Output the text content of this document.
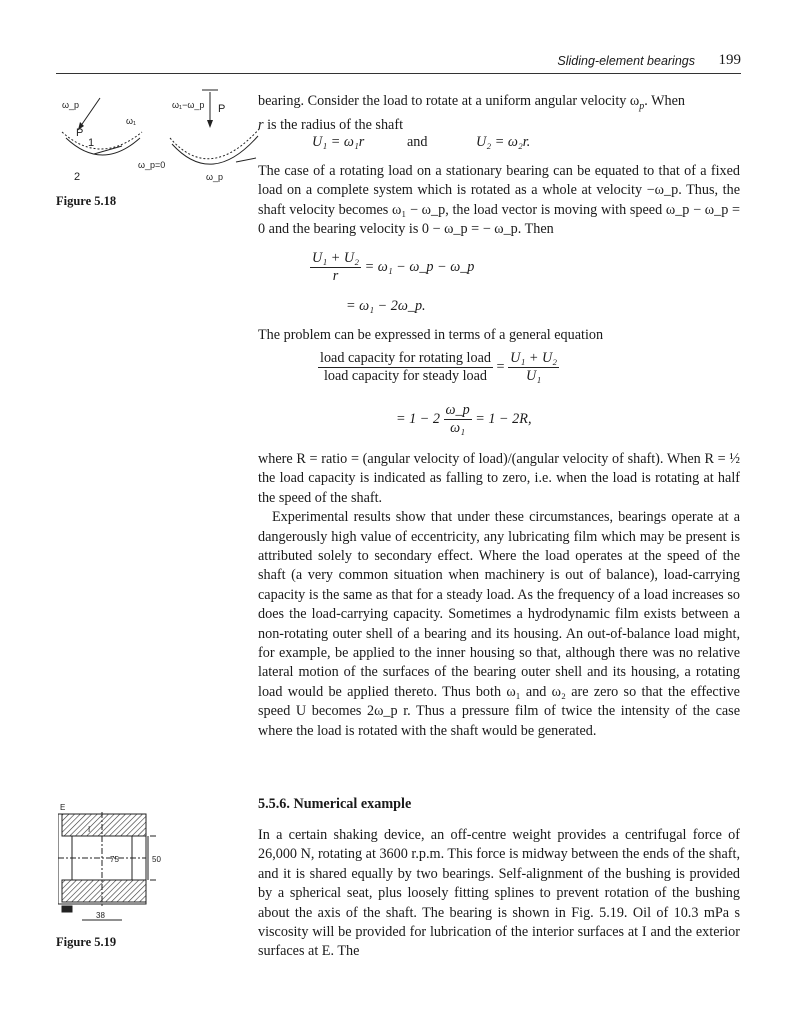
Sliding-element bearings 199
ω_p
P
1
ω₁
ω₁−ω_p P
2
ω_p=0
ω_p
Figure 5.18
E
I
75	50
38
Figure 5.19

bearing. Consider the load to rotate at a uniform angular velocity $\omega_p$. When

r is the radius of the shaft

U₁ = ω₁r	and	U₂ = ω₂r.

The case of a rotating load on a stationary bearing can be equated to that of a fixed load on a complete system which is rotated as a whole at velocity −ω_p. Thus, the shaft velocity becomes ω₁ − ω_p, the load vector is moving with speed ω_p − ω_p = 0 and the bearing velocity is 0 − ω_p = − ω_p. Then

$\frac{\text{U₁ + U₂}}{r} = \omega_1$ − ω_p − ω_p
= ω₁ − 2ω_p.

The problem can be expressed in terms of a general equation

$\frac{\text{load capacity for rotating load}}{\text{load capacity for steady load}} = \frac{\text{U₁ + U₂}}{\text{U₁}}$
= $1 - 2 \frac{\omega\_p}{\text{ω₁}} = 1 - 2R$,

where R = ratio = (angular velocity of load)/(angular velocity of shaft). When R = ½ the load capacity is indicated as falling to zero, i.e. when the load is rotating at half the speed of the shaft.

Experimental results show that under these circumstances, bearings operate at a dangerously high value of eccentricity, any lubricating film which may be present is attributed solely to secondary effect. Where the load operates at the speed of the shaft (a very common situation when machinery is out of balance), load-carrying capacity is the same as that for a steady load. As the frequency of a load increases so does the load-carrying capacity. Sometimes a hydrodynamic film exists between a non-rotating outer shell of a bearing and its housing. An out-of-balance load might, for example, be applied to the inner housing so that, although there was no relative lateral motion of the surfaces of the bearing outer shell and its housing, a rotating load would be applied thereto. Thus both ω₁ and ω₂ are zero so that the effective speed U becomes 2ω_p r. Thus a pressure film of twice the intensity of the case where the load is rotated with the shaft would be generated.

5.5.6. Numerical example

In a certain shaking device, an off-centre weight provides a centrifugal force of 26,000 N, rotating at 3600 r.p.m. This force is midway between the ends of the shaft, and it is shared equally by two bearings. Self-alignment of the bushing is provided by a spherical seat, plus loosely fitting splines to prevent rotation of the bushing about the axis of the shaft. The bearing is shown in Fig. 5.19. Oil of 10.3 mPa s viscosity will be provided for lubrication of the interior surfaces at I and the exterior surfaces at E. The
